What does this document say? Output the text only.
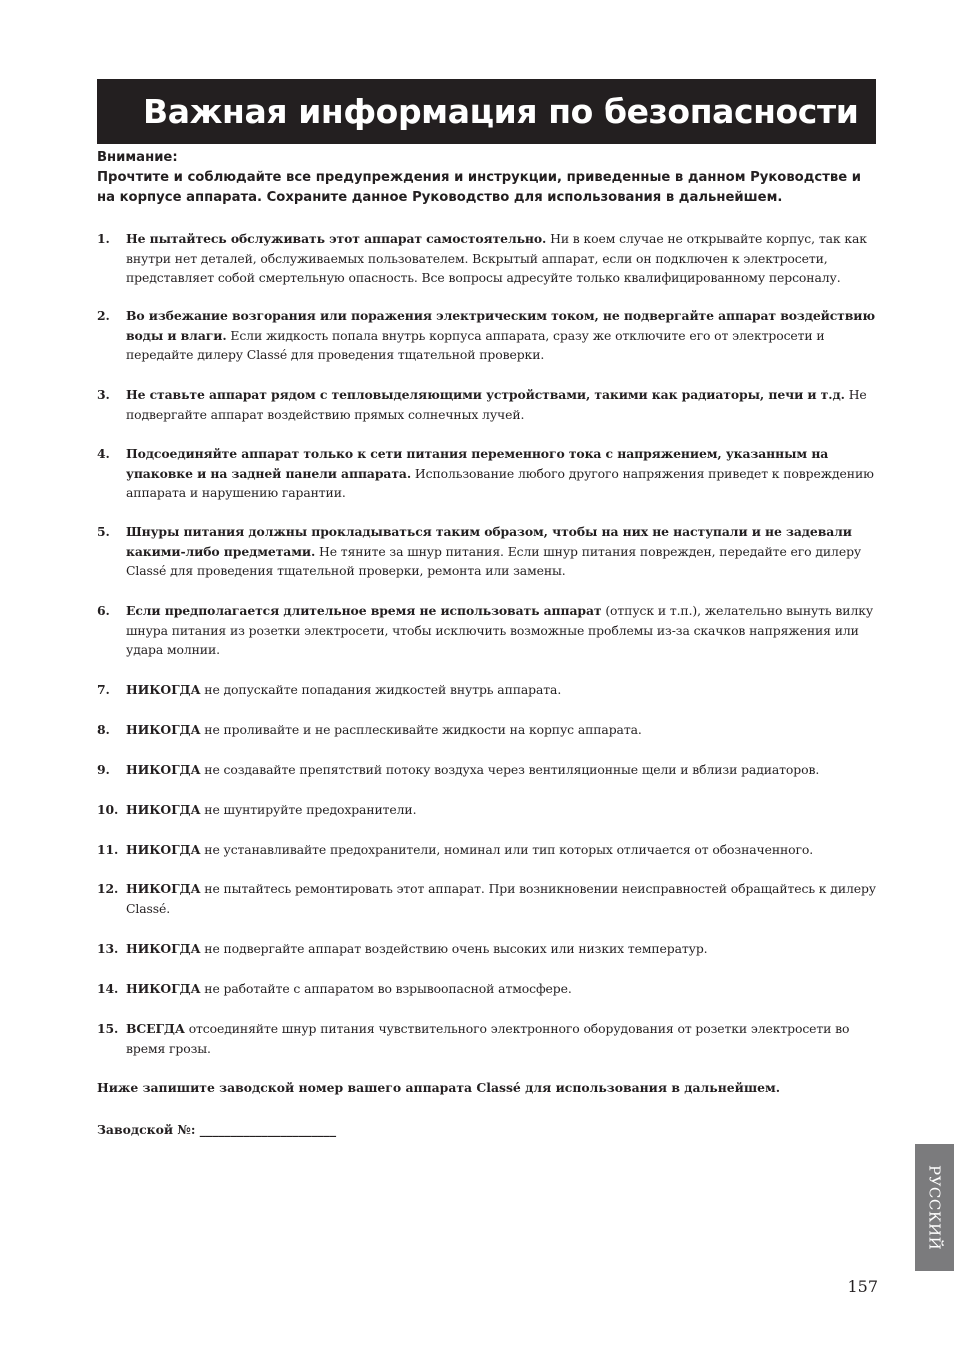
Важная информация по безопасности
Внимание:
Прочтите и соблюдайте все предупреждения и инструкции, приведенные в данном Руководстве и на корпусе аппарата. Сохраните данное Руководство для использования в дальнейшем.
1. Не пытайтесь обслуживать этот аппарат самостоятельно. Ни в коем случае не открывайте корпус, так как внутри нет деталей, обслуживаемых пользователем. Вскрытый аппарат, если он подключен к электросети, представляет собой смертельную опасность. Все вопросы адресуйте только квалифицированному персоналу.
2. Во избежание возгорания или поражения электрическим током, не подвергайте аппарат воздействию воды и влаги. Если жидкость попала внутрь корпуса аппарата, сразу же отключите его от электросети и передайте дилеру Classé для проведения тщательной проверки.
3. Не ставьте аппарат рядом с тепловыделяющими устройствами, такими как радиаторы, печи и т.д. Не подвергайте аппарат воздействию прямых солнечных лучей.
4. Подсоединяйте аппарат только к сети питания переменного тока с напряжением, указанным на упаковке и на задней панели аппарата. Использование любого другого напряжения приведет к повреждению аппарата и нарушению гарантии.
5. Шнуры питания должны прокладываться таким образом, чтобы на них не наступали и не задевали какими-либо предметами. Не тяните за шнур питания. Если шнур питания поврежден, передайте его дилеру Classé для проведения тщательной проверки, ремонта или замены.
6. Если предполагается длительное время не использовать аппарат (отпуск и т.п.), желательно вынуть вилку шнура питания из розетки электросети, чтобы исключить возможные проблемы из-за скачков напряжения или удара молнии.
7. НИКОГДА не допускайте попадания жидкостей внутрь аппарата.
8. НИКОГДА не проливайте и не расплескивайте жидкости на корпус аппарата.
9. НИКОГДА не создавайте препятствий потоку воздуха через вентиляционные щели и вблизи радиаторов.
10. НИКОГДА не шунтируйте предохранители.
11. НИКОГДА не устанавливайте предохранители, номинал или тип которых отличается от обозначенного.
12. НИКОГДА не пытайтесь ремонтировать этот аппарат. При возникновении неисправностей обращайтесь к дилеру Classé.
13. НИКОГДА не подвергайте аппарат воздействию очень высоких или низких температур.
14. НИКОГДА не работайте с аппаратом во взрывоопасной атмосфере.
15. ВСЕГДА отсоединяйте шнур питания чувствительного электронного оборудования от розетки электросети во время грозы.
Ниже запишите заводской номер вашего аппарата Classé для использования в дальнейшем.
Заводской №: ______________________
РУССКИЙ
157
